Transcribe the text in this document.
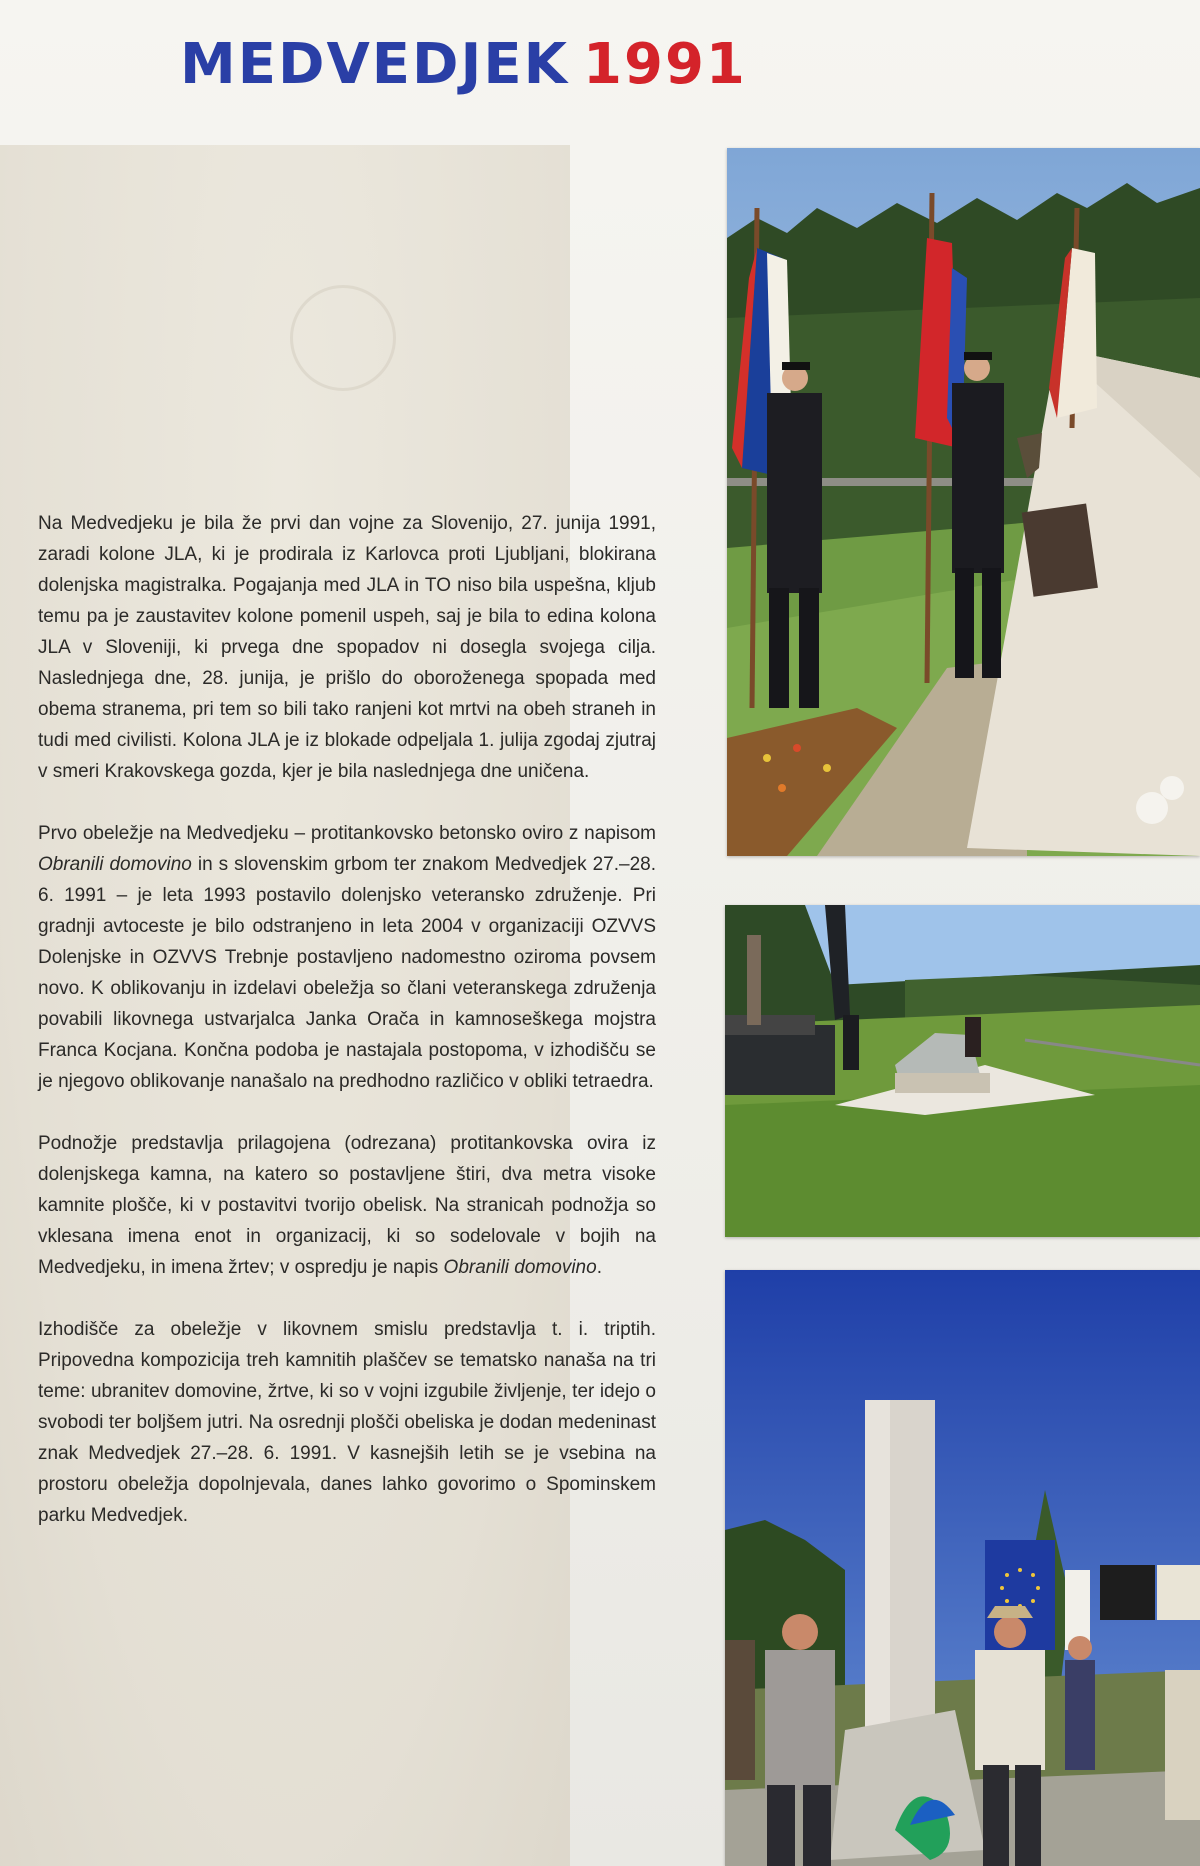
MEDVEDJEK 1991

Na Medvedjeku je bila že prvi dan vojne za Slovenijo, 27. junija 1991, zaradi kolone JLA, ki je prodirala iz Karlovca proti Ljubljani, blokirana dolenjska magistralka. Pogajanja med JLA in TO niso bila uspešna, kljub temu pa je zaustavitev kolone pomenil uspeh, saj je bila to edina kolona JLA v Sloveniji, ki prvega dne spopadov ni dosegla svojega cilja. Naslednjega dne, 28. junija, je prišlo do oboroženega spopada med obema stranema, pri tem so bili tako ranjeni kot mrtvi na obeh straneh in tudi med civilisti. Kolona JLA je iz blokade odpeljala 1. julija zgodaj zjutraj v smeri Krakovskega gozda, kjer je bila naslednjega dne uničena.

Prvo obeležje na Medvedjeku – protitankovsko betonsko oviro z napisom Obranili domovino in s slovenskim grbom ter znakom Medvedjek 27.–28. 6. 1991 – je leta 1993 postavilo dolenjsko veteransko združenje. Pri gradnji avtoceste je bilo odstranjeno in leta 2004 v organizaciji OZVVS Dolenjske in OZVVS Trebnje postavljeno nadomestno oziroma povsem novo. K oblikovanju in izdelavi obeležja so člani veteranskega združenja povabili likovnega ustvarjalca Janka Orača in kamnoseškega mojstra Franca Kocjana. Končna podoba je nastajala postopoma, v izhodišču se je njegovo oblikovanje nanašalo na predhodno različico v obliki tetraedra.

Podnožje predstavlja prilagojena (odrezana) protitankovska ovira iz dolenjskega kamna, na katero so postavljene štiri, dva metra visoke kamnite plošče, ki v postavitvi tvorijo obelisk. Na stranicah podnožja so vklesana imena enot in organizacij, ki so sodelovale v bojih na Medvedjeku, in imena žrtev; v ospredju je napis Obranili domovino.

Izhodišče za obeležje v likovnem smislu predstavlja t. i. triptih. Pripovedna kompozicija treh kamnitih plaščev se tematsko nanaša na tri teme: ubranitev domovine, žrtve, ki so v vojni izgubile življenje, ter idejo o svobodi ter boljšem jutri. Na osrednji plošči obeliska je dodan medeninast znak Medvedjek 27.–28. 6. 1991. V kasnejših letih se je vsebina na prostoru obeležja dopolnjevala, danes lahko govorimo o Spominskem parku Medvedjek.
